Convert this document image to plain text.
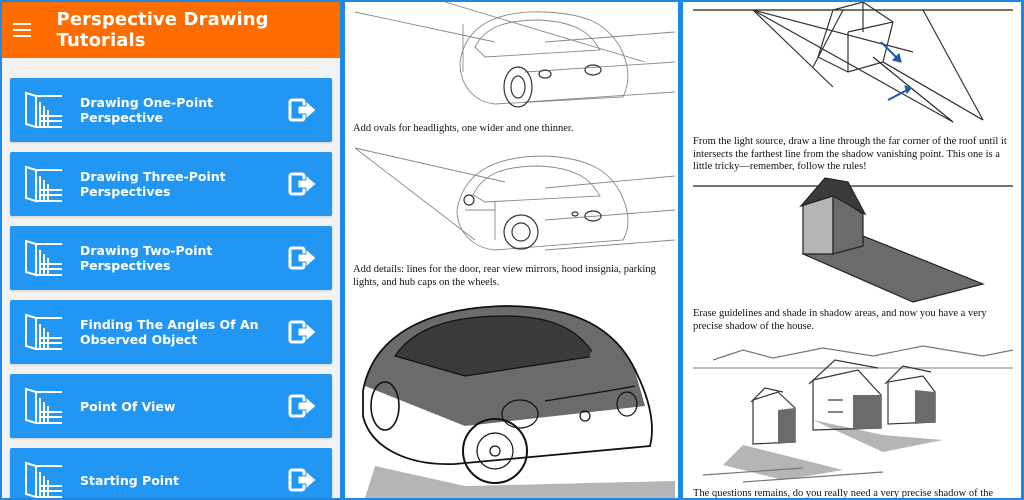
Perspective Drawing Tutorials
Drawing One-Point Perspective
Drawing Three-Point Perspectives
Drawing Two-Point Perspectives
Finding The Angles Of An Observed Object
Point Of View
Starting Point
Add ovals for headlights, one wider and one thinner.
Add details: lines for the door, rear view mirrors, hood insignia, parking lights, and hub caps on the wheels.
From the light source, draw a line through the far corner of the roof until it intersects the farthest line from the shadow vanishing point. This one is a little tricky—remember, follow the rules!
Erase guidelines and shade in shadow areas, and now you have a very precise shadow of the house.
The questions remains, do you really need a very precise shadow of the
